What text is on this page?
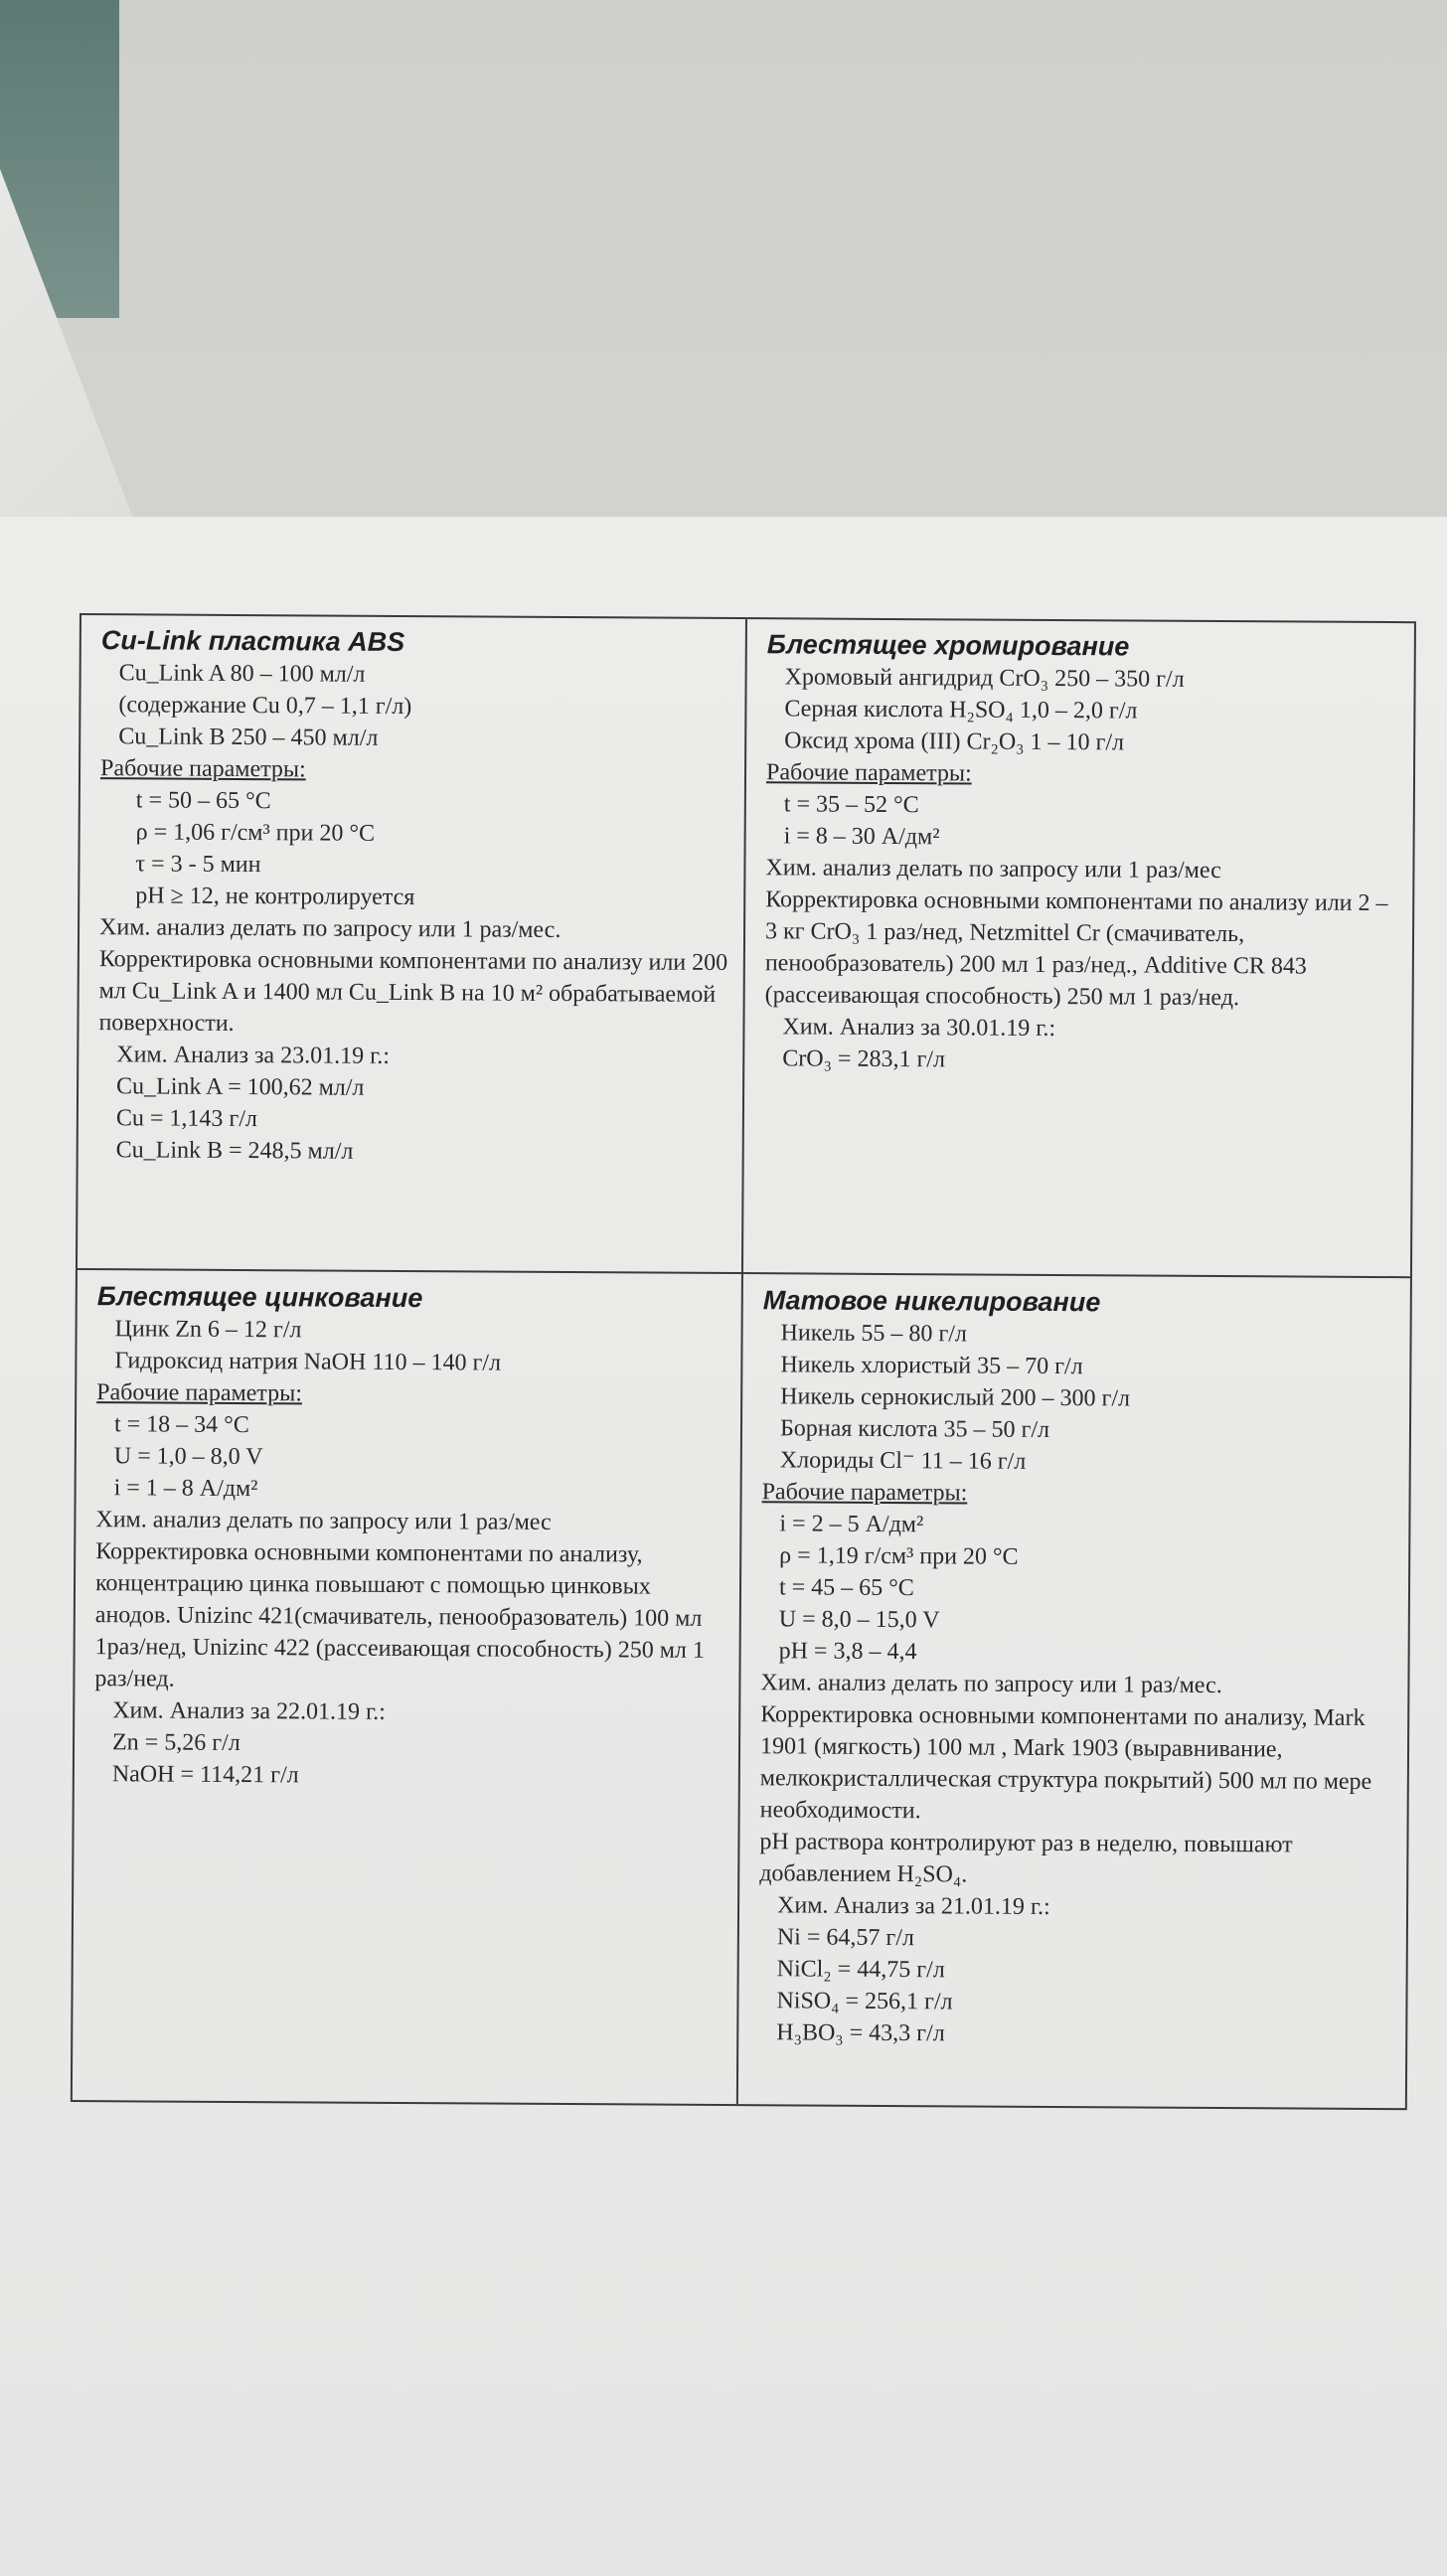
Cu-Link пластика ABS
Cu_Link A 80 – 100 мл/л
(содержание Cu 0,7 – 1,1 г/л)
Cu_Link B 250 – 450 мл/л
Рабочие параметры:
t = 50 – 65 °C
ρ = 1,06 г/см³ при 20 °C
τ = 3 - 5 мин
pH ≥ 12, не контролируется
Хим. анализ делать по запросу или 1 раз/мес.
Корректировка основными компонентами по анализу или 200 мл Cu_Link A и 1400 мл Cu_Link B на 10 м² обрабатываемой поверхности.
Хим. Анализ за 23.01.19 г.:
Cu_Link A = 100,62 мл/л
Cu = 1,143 г/л
Cu_Link B = 248,5 мл/л
Блестящее хромирование
Хромовый ангидрид CrO₃ 250 – 350 г/л
Серная кислота H₂SO₄ 1,0 – 2,0 г/л
Оксид хрома (III) Cr₂O₃ 1 – 10 г/л
Рабочие параметры:
t = 35 – 52 °C
i = 8 – 30 А/дм²
Хим. анализ делать по запросу или 1 раз/мес
Корректировка основными компонентами по анализу или 2 – 3 кг CrO₃ 1 раз/нед, Netzmittel Cr (смачиватель, пенообразователь) 200 мл 1 раз/нед., Additive CR 843 (рассеивающая способность) 250 мл 1 раз/нед.
Хим. Анализ за 30.01.19 г.:
CrO₃ = 283,1 г/л
Блестящее цинкование
Цинк Zn 6 – 12 г/л
Гидроксид натрия NaOH 110 – 140 г/л
Рабочие параметры:
t = 18 – 34 °C
U = 1,0 – 8,0 V
i = 1 – 8 А/дм²
Хим. анализ делать по запросу или 1 раз/мес
Корректировка основными компонентами по анализу, концентрацию цинка повышают с помощью цинковых анодов. Unizinc 421(смачиватель, пенообразователь) 100 мл 1раз/нед, Unizinc 422 (рассеивающая способность) 250 мл 1 раз/нед.
Хим. Анализ за 22.01.19 г.:
Zn = 5,26 г/л
NaOH = 114,21 г/л
Матовое никелирование
Никель 55 – 80 г/л
Никель хлористый 35 – 70 г/л
Никель сернокислый 200 – 300 г/л
Борная кислота 35 – 50 г/л
Хлориды Cl⁻ 11 – 16 г/л
Рабочие параметры:
i = 2 – 5 А/дм²
ρ = 1,19 г/см³ при 20 °C
t = 45 – 65 °C
U = 8,0 – 15,0 V
pH = 3,8 – 4,4
Хим. анализ делать по запросу или 1 раз/мес.
Корректировка основными компонентами по анализу, Mark 1901 (мягкость) 100 мл , Mark 1903 (выравнивание, мелкокристаллическая структура покрытий) 500 мл по мере необходимости.
pH раствора контролируют раз в неделю, повышают добавлением H₂SO₄.
Хим. Анализ за 21.01.19 г.:
Ni = 64,57 г/л
NiCl₂ = 44,75 г/л
NiSO₄ = 256,1 г/л
H₃BO₃ = 43,3 г/л
